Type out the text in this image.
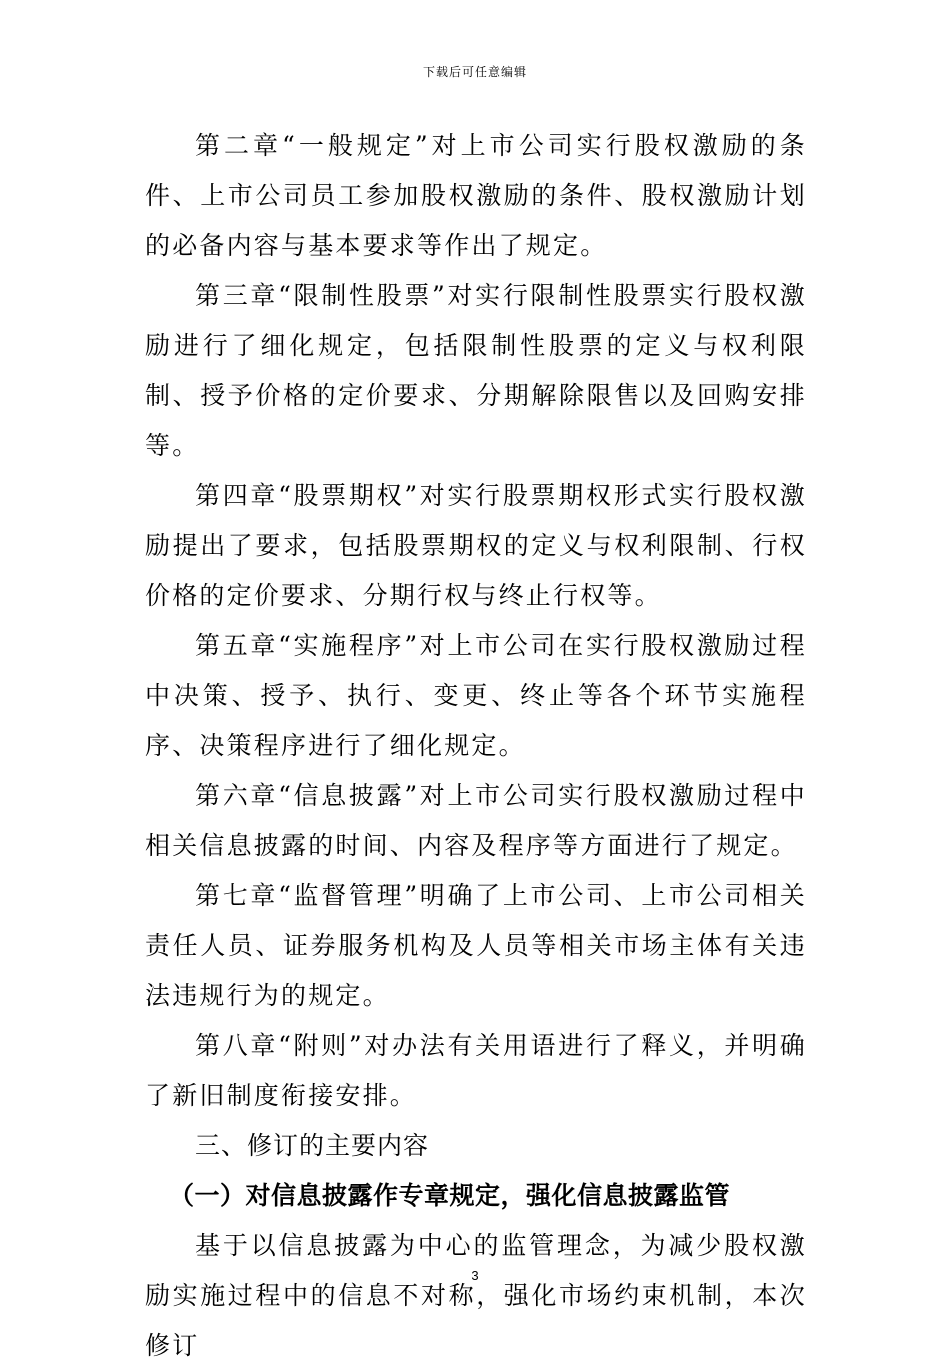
下载后可任意编辑

第二章“一般规定”对上市公司实行股权激励的条件、上市公司员工参加股权激励的条件、股权激励计划的必备内容与基本要求等作出了规定。

第三章“限制性股票”对实行限制性股票实行股权激励进行了细化规定，包括限制性股票的定义与权利限制、授予价格的定价要求、分期解除限售以及回购安排等。

第四章“股票期权”对实行股票期权形式实行股权激励提出了要求，包括股票期权的定义与权利限制、行权价格的定价要求、分期行权与终止行权等。

第五章“实施程序”对上市公司在实行股权激励过程中决策、授予、执行、变更、终止等各个环节实施程序、决策程序进行了细化规定。

第六章“信息披露”对上市公司实行股权激励过程中相关信息披露的时间、内容及程序等方面进行了规定。

第七章“监督管理”明确了上市公司、上市公司相关责任人员、证券服务机构及人员等相关市场主体有关违法违规行为的规定。

第八章“附则”对办法有关用语进行了释义，并明确了新旧制度衔接安排。

三、修订的主要内容

（一）对信息披露作专章规定，强化信息披露监管

基于以信息披露为中心的监管理念，为减少股权激励实施过程中的信息不对称，强化市场约束机制，本次修订

3
